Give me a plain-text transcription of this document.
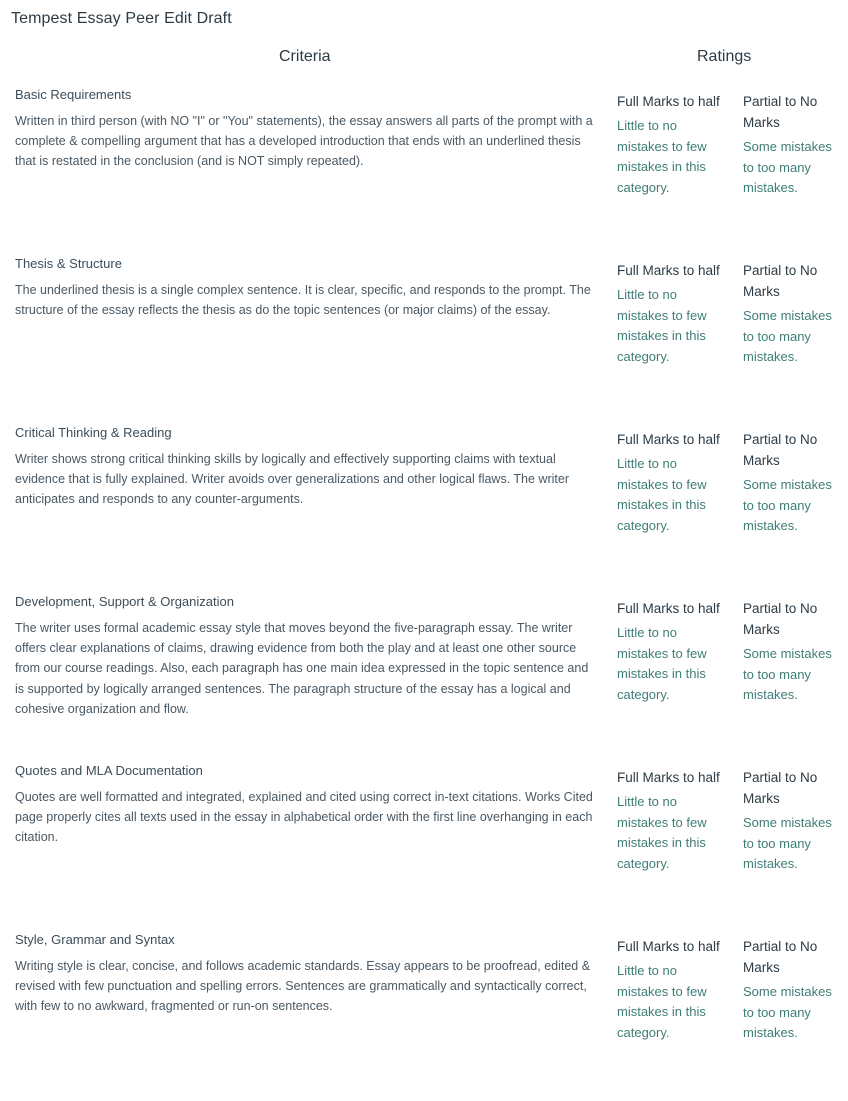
Tempest Essay Peer Edit Draft
Criteria	Ratings
Basic Requirements
Written in third person (with NO "I" or "You" statements), the essay answers all parts of the prompt with a complete & compelling argument that has a developed introduction that ends with an underlined thesis that is restated in the conclusion (and is NOT simply repeated).
Full Marks to half
Little to no mistakes to few mistakes in this category.
Partial to No Marks
Some mistakes to too many mistakes.
Thesis & Structure
The underlined thesis is a single complex sentence. It is clear, specific, and responds to the prompt. The structure of the essay reflects the thesis as do the topic sentences (or major claims) of the essay.
Full Marks to half
Little to no mistakes to few mistakes in this category.
Partial to No Marks
Some mistakes to too many mistakes.
Critical Thinking & Reading
Writer shows strong critical thinking skills by logically and effectively supporting claims with textual evidence that is fully explained. Writer avoids over generalizations and other logical flaws. The writer anticipates and responds to any counter-arguments.
Full Marks to half
Little to no mistakes to few mistakes in this category.
Partial to No Marks
Some mistakes to too many mistakes.
Development, Support & Organization
The writer uses formal academic essay style that moves beyond the five-paragraph essay. The writer offers clear explanations of claims, drawing evidence from both the play and at least one other source from our course readings. Also, each paragraph has one main idea expressed in the topic sentence and is supported by logically arranged sentences. The paragraph structure of the essay has a logical and cohesive organization and flow.
Full Marks to half
Little to no mistakes to few mistakes in this category.
Partial to No Marks
Some mistakes to too many mistakes.
Quotes and MLA Documentation
Quotes are well formatted and integrated, explained and cited using correct in-text citations. Works Cited page properly cites all texts used in the essay in alphabetical order with the first line overhanging in each citation.
Full Marks to half
Little to no mistakes to few mistakes in this category.
Partial to No Marks
Some mistakes to too many mistakes.
Style, Grammar and Syntax
Writing style is clear, concise, and follows academic standards. Essay appears to be proofread, edited & revised with few punctuation and spelling errors. Sentences are grammatically and syntactically correct, with few to no awkward, fragmented or run-on sentences.
Full Marks to half
Little to no mistakes to few mistakes in this category.
Partial to No Marks
Some mistakes to too many mistakes.
